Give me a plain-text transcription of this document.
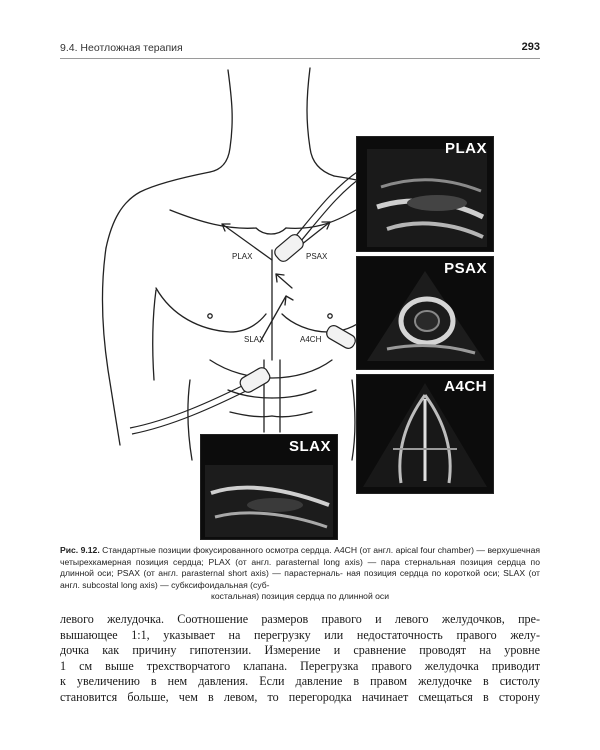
9.4. Неотложная терапия	293
PLAX	PSAX
SLAX	A4CH
PLAX
PSAX
A4CH
SLAX
Рис. 9.12. Стандартные позиции фокусированного осмотра сердца. A4CH (от англ. apical four chamber) — верхушечная четырехкамерная позиция сердца; PLAX (от англ. parasternal long axis) — пара стернальная позиция сердца по длинной оси; PSAX (от англ. parasternal short axis) — парастерналь- ная позиция сердца по короткой оси; SLAX (от англ. subcostal long axis) — субксифоидальная (суб-
костальная) позиция сердца по длинной оси
левого желудочка. Соотношение размеров правого и левого желудочков, пре-
вышающее 1:1, указывает на перегрузку или недостаточность правого желу-
дочка как причину гипотензии. Измерение и сравнение проводят на уровне
1 см выше трехстворчатого клапана. Перегрузка правого желудочка приводит
к увеличению в нем давления. Если давление в правом желудочке в систолу
становится больше, чем в левом, то перегородка начинает смещаться в сторону
